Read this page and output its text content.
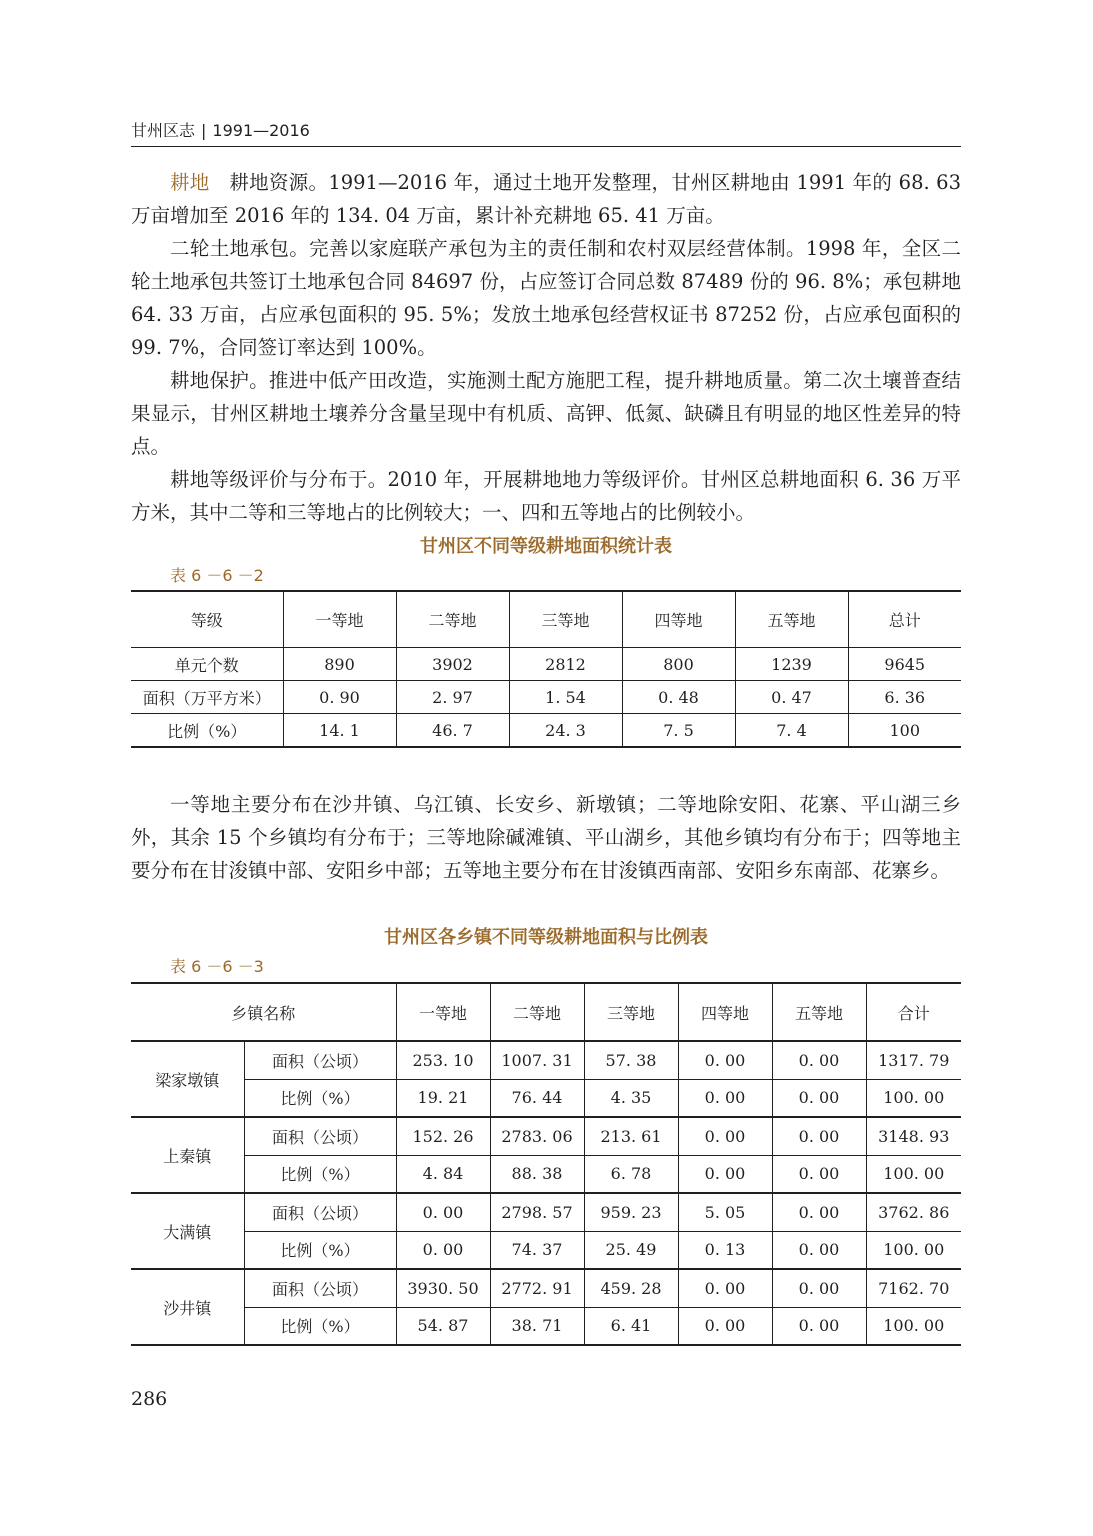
甘州区志 | 1991—2016

耕地　 耕地资源。1991—2016 年，通过土地开发整理，甘州区耕地由 1991 年的 68. 63 万亩增加至 2016 年的 134. 04 万亩，累计补充耕地 65. 41 万亩。

二轮土地承包。完善以家庭联产承包为主的责任制和农村双层经营体制。1998 年，全区二轮土地承包共签订土地承包合同 84697 份，占应签订合同总数 87489 份的 96. 8%；承包耕地 64. 33 万亩，占应承包面积的 95. 5%；发放土地承包经营权证书 87252 份，占应承包面积的 99. 7%，合同签订率达到 100%。

耕地保护。推进中低产田改造，实施测土配方施肥工程，提升耕地质量。第二次土壤普查结果显示，甘州区耕地土壤养分含量呈现中有机质、高钾、低氮、缺磷且有明显的地区性差异的特点。

耕地等级评价与分布于。2010 年，开展耕地地力等级评价。甘州区总耕地面积 6. 36 万平方米，其中二等和三等地占的比例较大；一、四和五等地占的比例较小。

甘州区不同等级耕地面积统计表
表 6 －6 －2
等级	一等地	二等地	三等地	四等地	五等地	总计
单元个数	890	3902	2812	800	1239	9645
面积（万平方米）	0. 90	2. 97	1. 54	0. 48	0. 47	6. 36
比例（%）	14. 1	46. 7	24. 3	7. 5	7. 4	100

一等地主要分布在沙井镇、乌江镇、长安乡、新墩镇；二等地除安阳、花寨、平山湖三乡外，其余 15 个乡镇均有分布于；三等地除碱滩镇、平山湖乡，其他乡镇均有分布于；四等地主要分布在甘浚镇中部、安阳乡中部；五等地主要分布在甘浚镇西南部、安阳乡东南部、花寨乡。

甘州区各乡镇不同等级耕地面积与比例表
表 6 －6 －3
乡镇名称		一等地	二等地	三等地	四等地	五等地	合计
梁家墩镇	面积（公顷）	253. 10	1007. 31	57. 38	0. 00	0. 00	1317. 79
	比例（%）	19. 21	76. 44	4. 35	0. 00	0. 00	100. 00
上秦镇	面积（公顷）	152. 26	2783. 06	213. 61	0. 00	0. 00	3148. 93
	比例（%）	4. 84	88. 38	6. 78	0. 00	0. 00	100. 00
大满镇	面积（公顷）	0. 00	2798. 57	959. 23	5. 05	0. 00	3762. 86
	比例（%）	0. 00	74. 37	25. 49	0. 13	0. 00	100. 00
沙井镇	面积（公顷）	3930. 50	2772. 91	459. 28	0. 00	0. 00	7162. 70
	比例（%）	54. 87	38. 71	6. 41	0. 00	0. 00	100. 00
286
